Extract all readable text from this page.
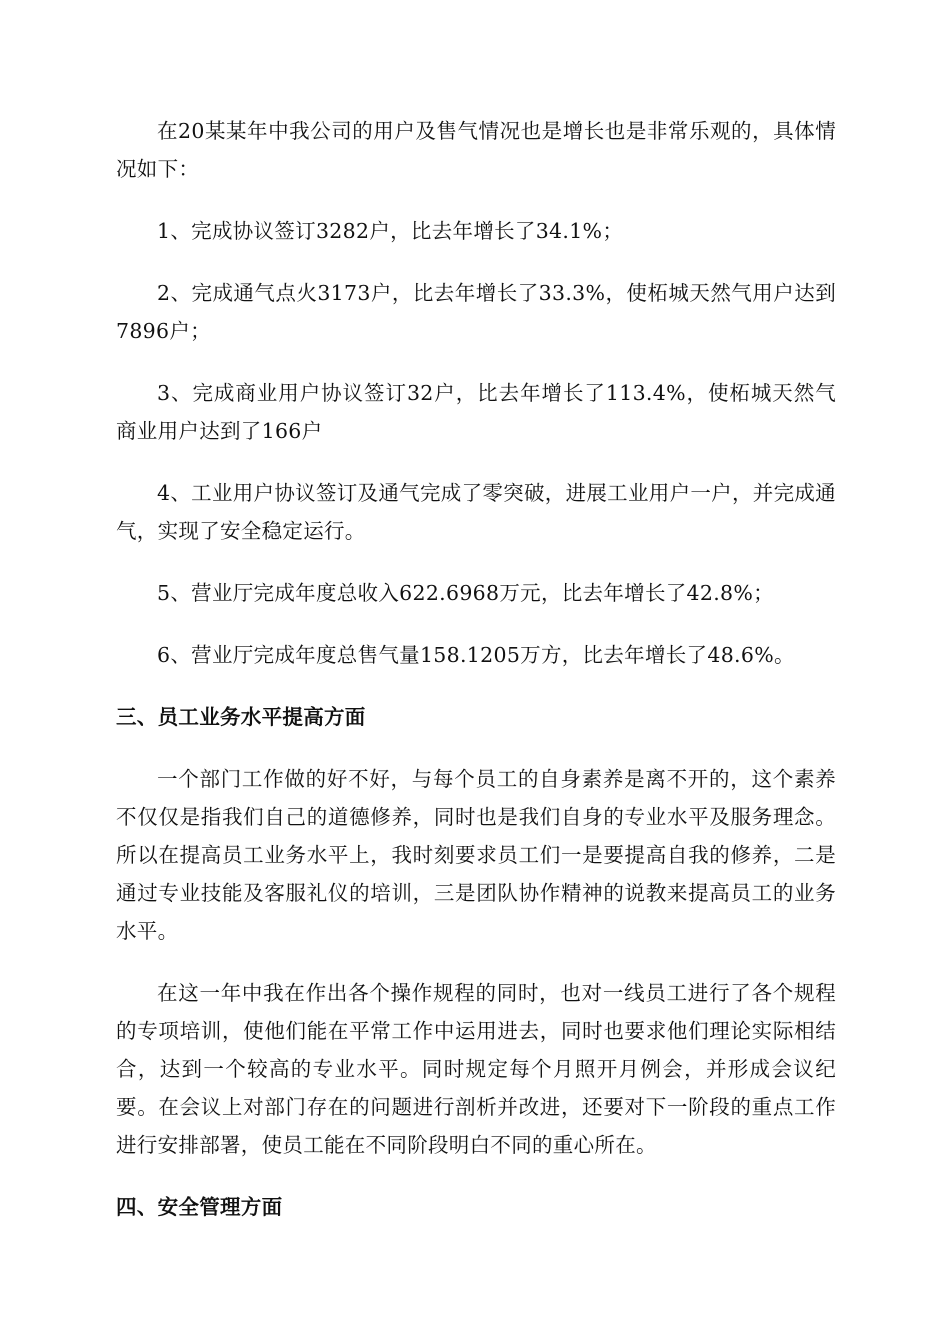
在20某某年中我公司的用户及售气情况也是增长也是非常乐观的，具体情况如下：

1、完成协议签订3282户，比去年增长了34.1%；

2、完成通气点火3173户，比去年增长了33.3%，使柘城天然气用户达到7896户；

3、完成商业用户协议签订32户，比去年增长了113.4%，使柘城天然气商业用户达到了166户

4、工业用户协议签订及通气完成了零突破，进展工业用户一户，并完成通气，实现了安全稳定运行。

5、营业厅完成年度总收入622.6968万元，比去年增长了42.8%；

6、营业厅完成年度总售气量158.1205万方，比去年增长了48.6%。

三、员工业务水平提高方面

一个部门工作做的好不好，与每个员工的自身素养是离不开的，这个素养不仅仅是指我们自己的道德修养，同时也是我们自身的专业水平及服务理念。所以在提高员工业务水平上，我时刻要求员工们一是要提高自我的修养，二是通过专业技能及客服礼仪的培训，三是团队协作精神的说教来提高员工的业务水平。

在这一年中我在作出各个操作规程的同时，也对一线员工进行了各个规程的专项培训，使他们能在平常工作中运用进去，同时也要求他们理论实际相结合，达到一个较高的专业水平。同时规定每个月照开月例会，并形成会议纪要。在会议上对部门存在的问题进行剖析并改进，还要对下一阶段的重点工作进行安排部署，使员工能在不同阶段明白不同的重心所在。

四、安全管理方面
